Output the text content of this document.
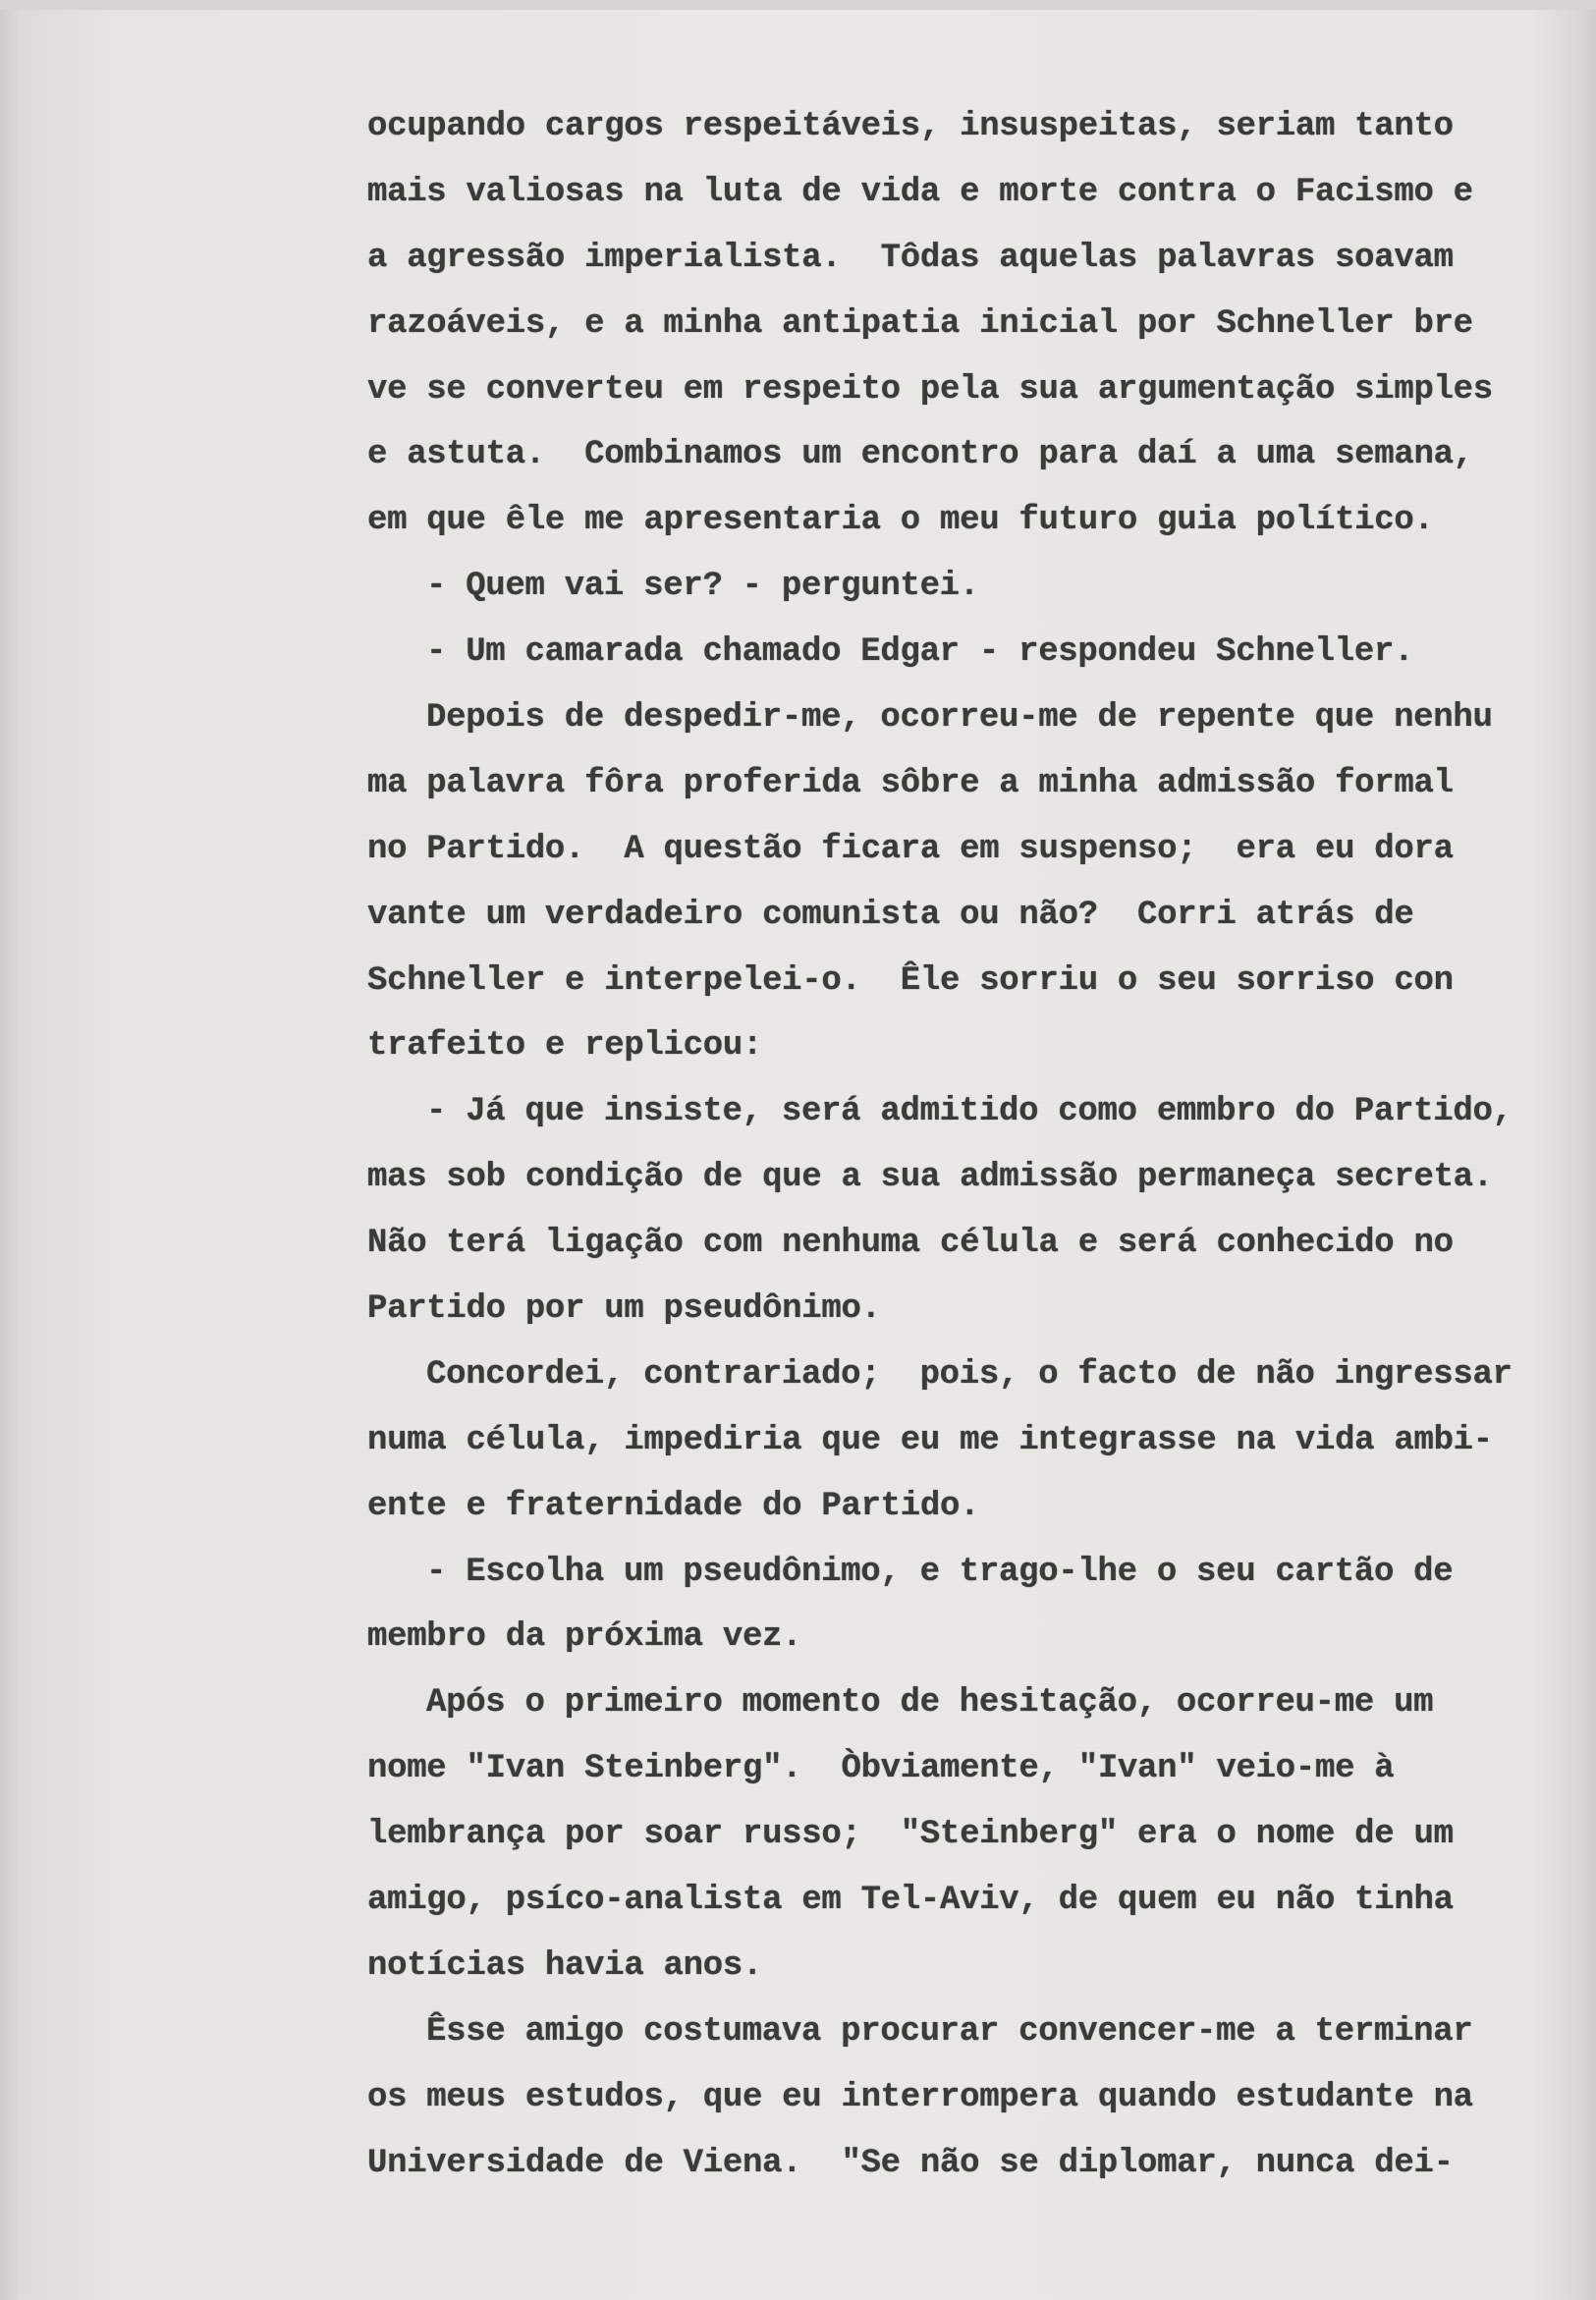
ocupando cargos respeitáveis, insuspeitas, seriam tanto
mais valiosas na luta de vida e morte contra o Facismo e
a agressão imperialista.  Tôdas aquelas palavras soavam
razoáveis, e a minha antipatia inicial por Schneller bre
ve se converteu em respeito pela sua argumentação simples
e astuta.  Combinamos um encontro para daí a uma semana,
em que êle me apresentaria o meu futuro guia político.
- Quem vai ser? - perguntei.
- Um camarada chamado Edgar - respondeu Schneller.
Depois de despedir-me, ocorreu-me de repente que nenhu
ma palavra fôra proferida sôbre a minha admissão formal
no Partido.  A questão ficara em suspenso;  era eu dora
vante um verdadeiro comunista ou não?  Corri atrás de
Schneller e interpelei-o.  Êle sorriu o seu sorriso con
trafeito e replicou:
- Já que insiste, será admitido como emmbro do Partido,
mas sob condição de que a sua admissão permaneça secreta.
Não terá ligação com nenhuma célula e será conhecido no
Partido por um pseudônimo.
Concordei, contrariado;  pois, o facto de não ingressar
numa célula, impediria que eu me integrasse na vida ambi-
ente e fraternidade do Partido.
- Escolha um pseudônimo, e trago-lhe o seu cartão de
membro da próxima vez.
Após o primeiro momento de hesitação, ocorreu-me um
nome "Ivan Steinberg".  Òbviamente, "Ivan" veio-me à
lembrança por soar russo;  "Steinberg" era o nome de um
amigo, psíco-analista em Tel-Aviv, de quem eu não tinha
notícias havia anos.
Êsse amigo costumava procurar convencer-me a terminar
os meus estudos, que eu interrompera quando estudante na
Universidade de Viena.  "Se não se diplomar, nunca dei-
